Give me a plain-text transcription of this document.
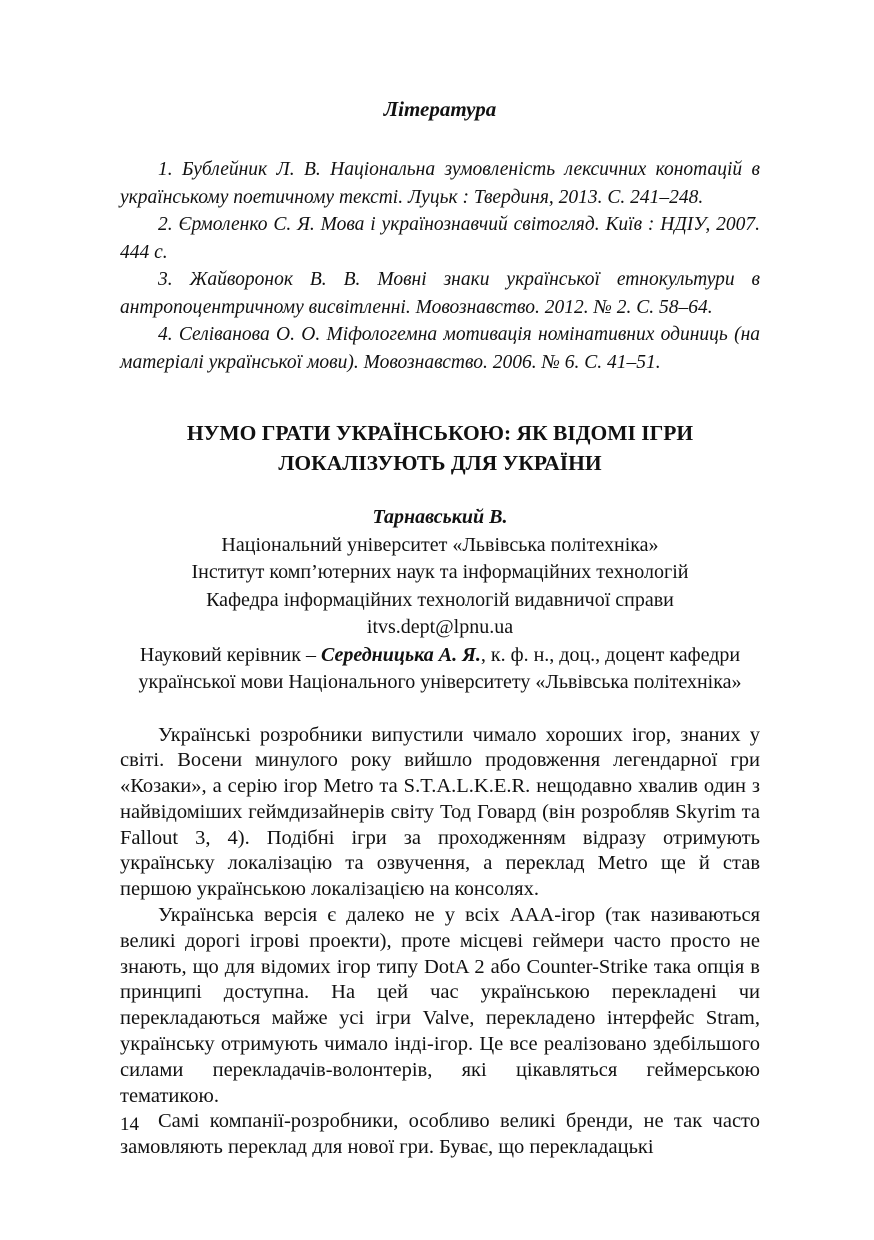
Література

1. Бублейник Л. В. Національна зумовленість лексичних конотацій в українському поетичному тексті. Луцьк : Твердиня, 2013. С. 241–248.

2. Єрмоленко С. Я. Мова і українознавчий світогляд. Київ : НДІУ, 2007. 444 с.

3. Жайворонок В. В. Мовні знаки української етнокультури в антропоцентричному висвітленні. Мовознавство. 2012. № 2. С. 58–64.

4. Селіванова О. О. Міфологемна мотивація номінативних одиниць (на матеріалі української мови). Мовознавство. 2006. № 6. С. 41–51.

НУМО ГРАТИ УКРАЇНСЬКОЮ: ЯК ВІДОМІ ІГРИ
ЛОКАЛІЗУЮТЬ ДЛЯ УКРАЇНИ

Тарнавський В.

Національний університет «Львівська політехніка»

Інститут комп’ютерних наук та інформаційних технологій

Кафедра інформаційних технологій видавничої справи

itvs.dept@lpnu.ua

Науковий керівник – Середницька А. Я., к. ф. н., доц., доцент кафедри української мови Національного університету «Львівська політехніка»

Українські розробники випустили чимало хороших ігор, знаних у світі. Восени минулого року вийшло продовження легендарної гри «Козаки», а серію ігор Metro та S.T.A.L.K.E.R. нещодавно хвалив один з найвідоміших геймдизайнерів світу Тод Говард (він розробляв Skyrim та Fallout 3, 4). Подібні ігри за проходженням відразу отримують українську локалізацію та озвучення, а переклад Metro ще й став першою українською локалізацією на консолях.

Українська версія є далеко не у всіх ААА-ігор (так називаються великі дорогі ігрові проекти), проте місцеві геймери часто просто не знають, що для відомих ігор типу DotA 2 або Counter-Strike така опція в принципі доступна. На цей час українською перекладені чи перекладаються майже усі ігри Valve, перекладено інтерфейс Stram, українську отримують чимало інді-ігор. Це все реалізовано здебільшого силами перекладачів-волонтерів, які цікавляться геймерською тематикою.

Самі компанії-розробники, особливо великі бренди, не так часто замовляють переклад для нової гри. Буває, що перекладацькі

14
